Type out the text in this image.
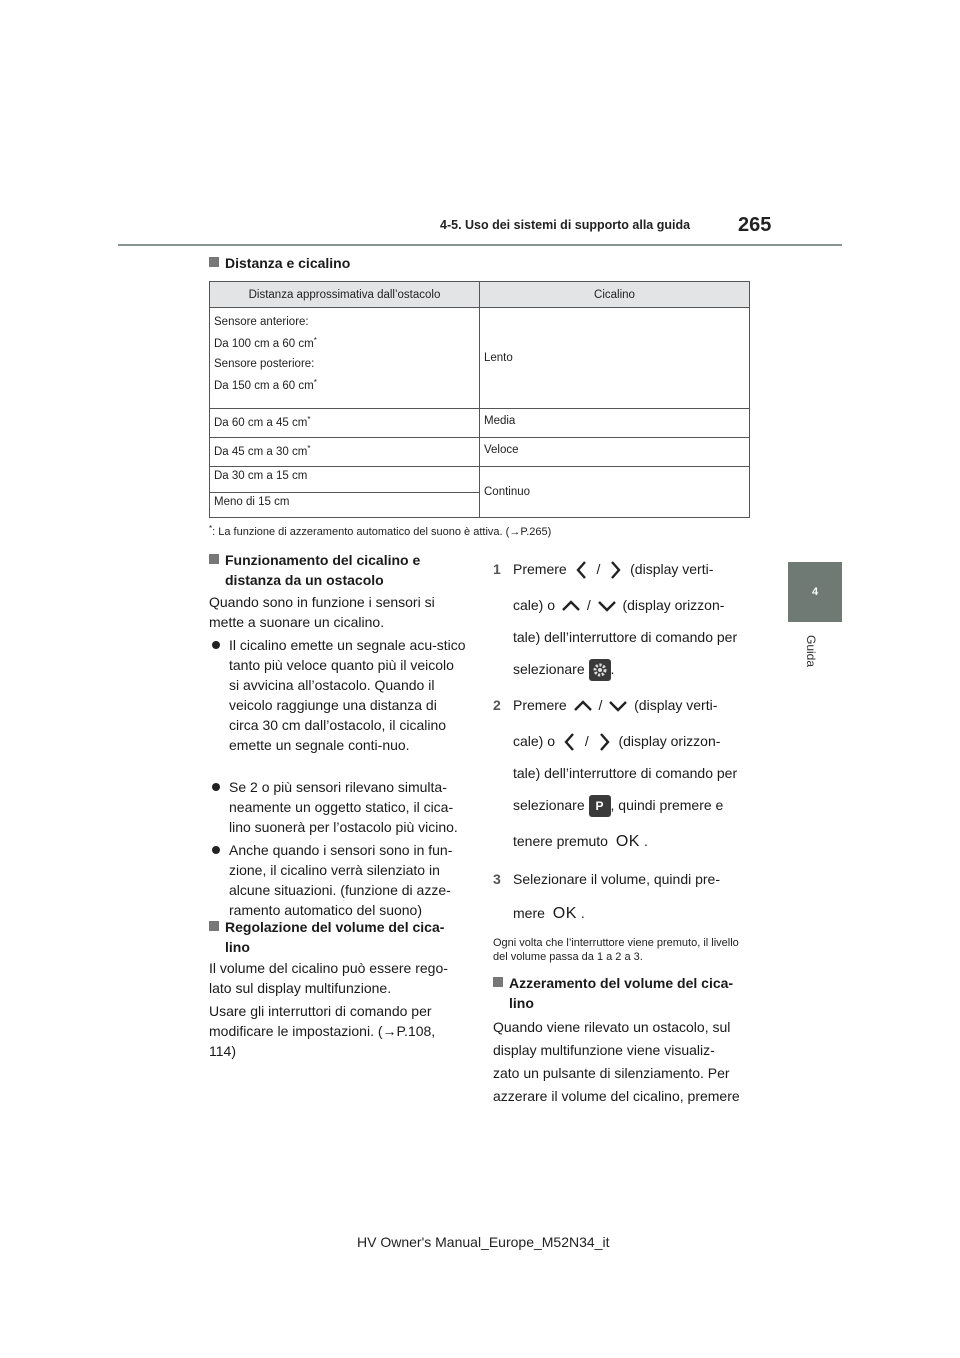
4-5. Uso dei sistemi di supporto alla guida 265
4
Guida
Distanza e cicalino
Distanza approssimativa dall’ostacolo	Cicalino

Sensore anteriore:

Da 100 cm a 60 cm*

Sensore posteriore:

Da 150 cm a 60 cm*	Lento
Da 60 cm a 45 cm*	Media
Da 45 cm a 30 cm*	Veloce
Da 30 cm a 15 cm	Continuo
Meno di 15 cm	
*: La funzione di azzeramento automatico del suono è attiva. (→P.265)
Funzionamento del cicalino e distanza da un ostacolo
Quando sono in funzione i sensori si mette a suonare un cicalino.
Il cicalino emette un segnale acu-stico tanto più veloce quanto più il veicolo si avvicina all’ostacolo. Quando il veicolo raggiunge una distanza di circa 30 cm dall’ostacolo, il cicalino emette un segnale conti-nuo.
Se 2 o più sensori rilevano simulta-neamente un oggetto statico, il cica-lino suonerà per l’ostacolo più vicino.
Anche quando i sensori sono in fun-zione, il cicalino verrà silenziato in alcune situazioni. (funzione di azze-ramento automatico del suono)
Regolazione del volume del cica-lino
Il volume del cicalino può essere rego-lato sul display multifunzione.
Usare gli interruttori di comando per modificare le impostazioni. (→P.108, 114)
1 Premere / (display verti-
cale) o / (display orizzon-
tale) dell’interruttore di comando per
selezionare .
2 Premere / (display verti-
cale) o / (display orizzon-
tale) dell’interruttore di comando per
selezionare P , quindi premere e
tenere premuto OK .
3 Selezionare il volume, quindi pre-
mere OK .
Ogni volta che l’interruttore viene premuto, il livello del volume passa da 1 a 2 a 3.
Azzeramento del volume del cica-lino
Quando viene rilevato un ostacolo, sul
display multifunzione viene visualiz-
zato un pulsante di silenziamento. Per
azzerare il volume del cicalino, premere
HV Owner's Manual_Europe_M52N34_it
